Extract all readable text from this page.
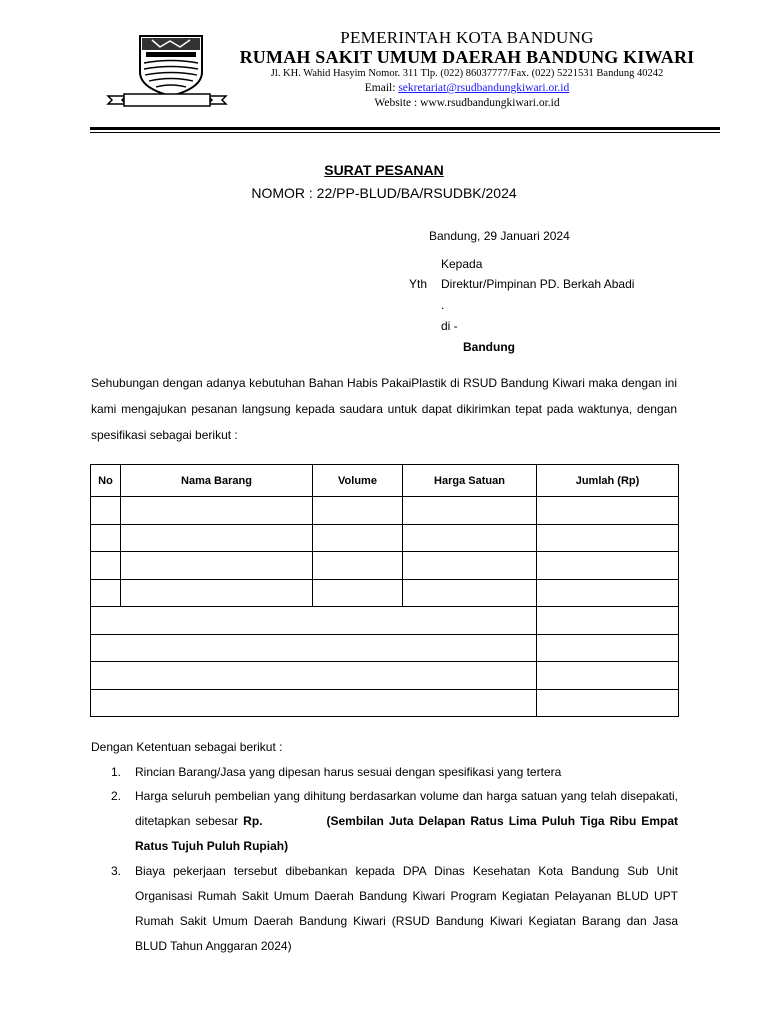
PEMERINTAH KOTA BANDUNG
RUMAH SAKIT UMUM DAERAH BANDUNG KIWARI
Jl. KH. Wahid Hasyim Nomor. 311 Tlp. (022) 86037777/Fax. (022) 5221531 Bandung 40242
Email: sekretariat@rsudbandungkiwari.or.id
Website : www.rsudbandungkiwari.or.id
SURAT PESANAN
NOMOR : 22/PP-BLUD/BA/RSUDBK/2024
Bandung, 29 Januari 2024
Kepada
Yth Direktur/Pimpinan PD. Berkah Abadi
.
di -
Bandung
Sehubungan dengan adanya kebutuhan Bahan Habis PakaiPlastik di RSUD Bandung Kiwari maka dengan ini kami mengajukan pesanan langsung kepada saudara untuk dapat dikirimkan tepat pada waktunya, dengan spesifikasi sebagai berikut :
No	Nama Barang	Volume	Harga Satuan	Jumlah (Rp)

Dengan Ketentuan sebagai berikut :
1. Rincian Barang/Jasa yang dipesan harus sesuai dengan spesifikasi yang tertera
2. Harga seluruh pembelian yang dihitung berdasarkan volume dan harga satuan yang telah disepakati, ditetapkan sebesar Rp.	(Sembilan Juta Delapan Ratus Lima Puluh Tiga Ribu Empat Ratus Tujuh Puluh Rupiah)
3. Biaya pekerjaan tersebut dibebankan kepada DPA Dinas Kesehatan Kota Bandung Sub Unit Organisasi Rumah Sakit Umum Daerah Bandung Kiwari Program Kegiatan Pelayanan BLUD UPT Rumah Sakit Umum Daerah Bandung Kiwari (RSUD Bandung Kiwari Kegiatan Barang dan Jasa BLUD Tahun Anggaran 2024)
